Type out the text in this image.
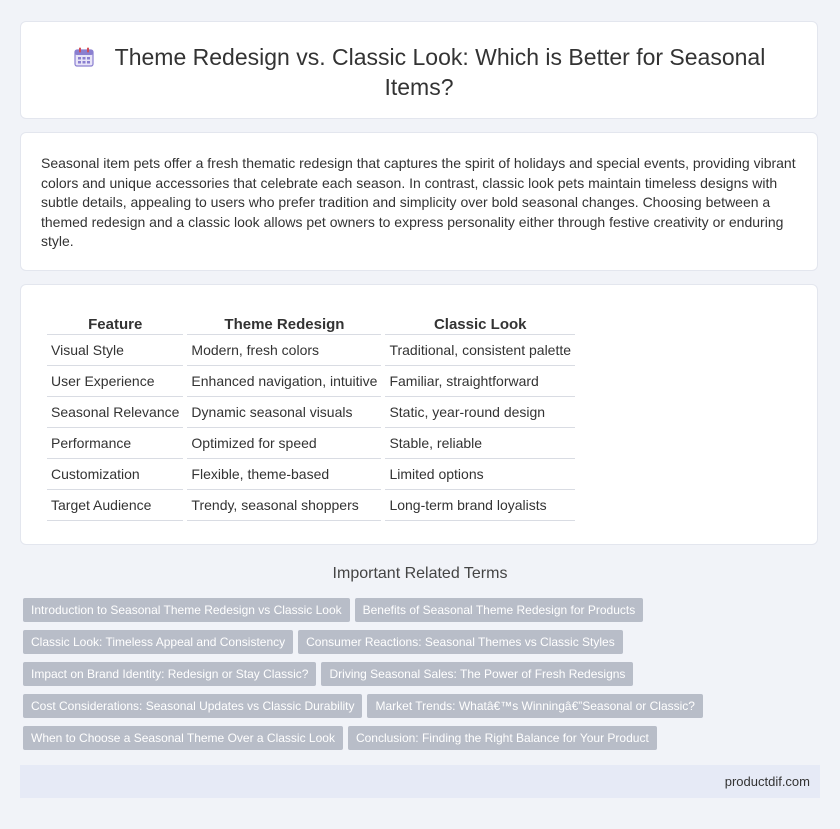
Theme Redesign vs. Classic Look: Which is Better for Seasonal
Items?

Seasonal item pets offer a fresh thematic redesign that captures the spirit of holidays and special events, providing vibrant colors and unique accessories that celebrate each season. In contrast, classic look pets maintain timeless designs with subtle details, appealing to users who prefer tradition and simplicity over bold seasonal changes. Choosing between a themed redesign and a classic look allows pet owners to express personality either through festive creativity or enduring style.

Feature	Theme Redesign	Classic Look
Visual Style	Modern, fresh colors	Traditional, consistent palette
User Experience	Enhanced navigation, intuitive	Familiar, straightforward
Seasonal Relevance	Dynamic seasonal visuals	Static, year-round design
Performance	Optimized for speed	Stable, reliable
Customization	Flexible, theme-based	Limited options
Target Audience	Trendy, seasonal shoppers	Long-term brand loyalists
Important Related Terms
Introduction to Seasonal Theme Redesign vs Classic Look Benefits of Seasonal Theme Redesign for Products
Classic Look: Timeless Appeal and Consistency Consumer Reactions: Seasonal Themes vs Classic Styles
Impact on Brand Identity: Redesign or Stay Classic? Driving Seasonal Sales: The Power of Fresh Redesigns
Cost Considerations: Seasonal Updates vs Classic Durability Market Trends: Whatâ€™s Winningâ€”Seasonal or Classic?
When to Choose a Seasonal Theme Over a Classic Look Conclusion: Finding the Right Balance for Your Product
productdif.com
